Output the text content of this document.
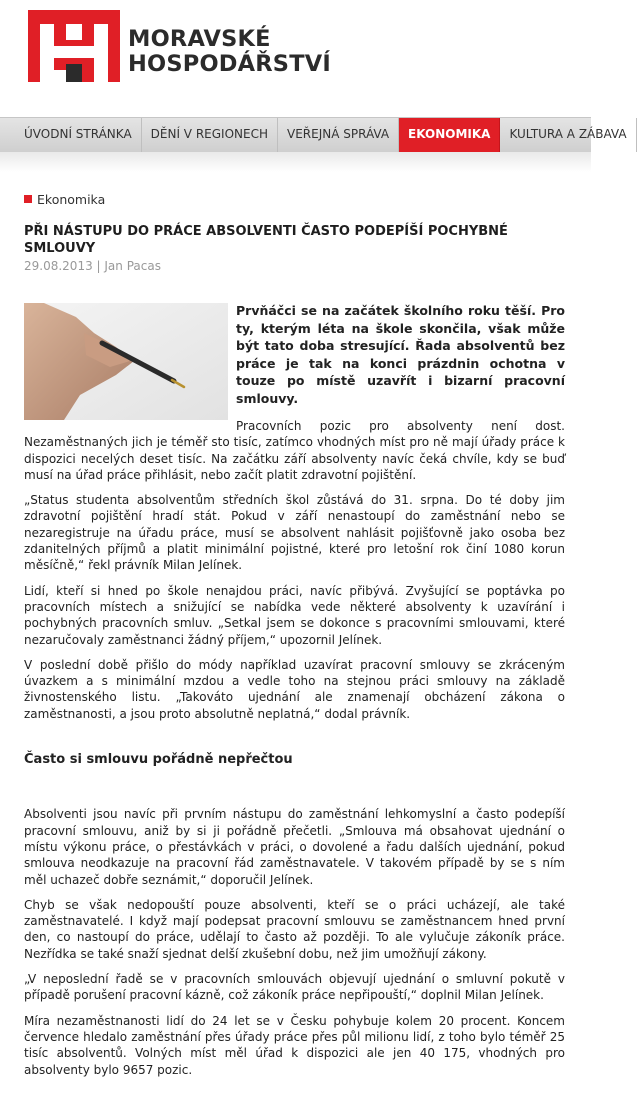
MORAVSKÉ
HOSPODÁŘSTVÍ
ÚVODNÍ STRÁNKA DĚNÍ V REGIONECH VEŘEJNÁ SPRÁVA EKONOMIKA KULTURA A ZÁBAVA
Ekonomika
PŘI NÁSTUPU DO PRÁCE ABSOLVENTI ČASTO PODEPÍŠÍ POCHYBNÉ SMLOUVY
29.08.2013 | Jan Pacas

Prvňáčci se na začátek školního roku těší. Pro ty, kterým léta na škole skončila, však může být tato doba stresující. Řada absolventů bez práce je tak na konci prázdnin ochotna v touze po místě uzavřít i bizarní pracovní smlouvy.

Pracovních pozic pro absolventy není dost. Nezaměstnaných jich je téměř sto tisíc, zatímco vhodných míst pro ně mají úřady práce k dispozici necelých deset tisíc. Na začátku září absolventy navíc čeká chvíle, kdy se buď musí na úřad práce přihlásit, nebo začít platit zdravotní pojištění.

„Status studenta absolventům středních škol zůstává do 31. srpna. Do té doby jim zdravotní pojištění hradí stát. Pokud v září nenastoupí do zaměstnání nebo se nezaregistruje na úřadu práce, musí se absolvent nahlásit pojišťovně jako osoba bez zdanitelných příjmů a platit minimální pojistné, které pro letošní rok činí 1080 korun měsíčně,“ řekl právník Milan Jelínek.

Lidí, kteří si hned po škole nenajdou práci, navíc přibývá. Zvyšující se poptávka po pracovních místech a snižující se nabídka vede některé absolventy k uzavírání i pochybných pracovních smluv. „Setkal jsem se dokonce s pracovními smlouvami, které nezaručovaly zaměstnanci žádný příjem,“ upozornil Jelínek.

V poslední době přišlo do módy například uzavírat pracovní smlouvy se zkráceným úvazkem a s minimální mzdou a vedle toho na stejnou práci smlouvy na základě živnostenského listu. „Takováto ujednání ale znamenají obcházení zákona o zaměstnanosti, a jsou proto absolutně neplatná,“ dodal právník.

Často si smlouvu pořádně nepřečtou

Absolventi jsou navíc při prvním nástupu do zaměstnání lehkomyslní a často podepíší pracovní smlouvu, aniž by si ji pořádně přečetli. „Smlouva má obsahovat ujednání o místu výkonu práce, o přestávkách v práci, o dovolené a řadu dalších ujednání, pokud smlouva neodkazuje na pracovní řád zaměstnavatele. V takovém případě by se s ním měl uchazeč dobře seznámit,“ doporučil Jelínek.

Chyb se však nedopouští pouze absolventi, kteří se o práci ucházejí, ale také zaměstnavatelé. I když mají podepsat pracovní smlouvu se zaměstnancem hned první den, co nastoupí do práce, udělají to často až později. To ale vylučuje zákoník práce. Nezřídka se také snaží sjednat delší zkušební dobu, než jim umožňují zákony.

„V neposlední řadě se v pracovních smlouvách objevují ujednání o smluvní pokutě v případě porušení pracovní kázně, což zákoník práce nepřipouští,“ doplnil Milan Jelínek.

Míra nezaměstnanosti lidí do 24 let se v Česku pohybuje kolem 20 procent. Koncem července hledalo zaměstnání přes úřady práce přes půl milionu lidí, z toho bylo téměř 25 tisíc absolventů. Volných míst měl úřad k dispozici ale jen 40 175, vhodných pro absolventy bylo 9657 pozic.
